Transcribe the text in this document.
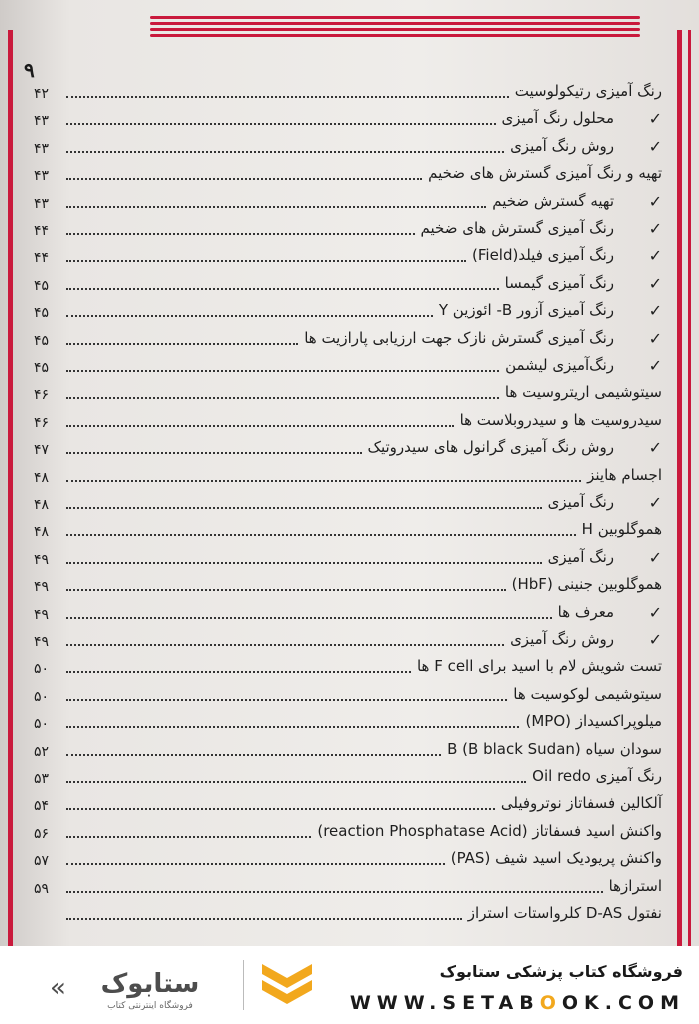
۹
۴۲	رنگ آمیزی رتیکولوسیت
۴۳	محلول رنگ آمیزی ✓
۴۳	روش رنگ آمیزی ✓
۴۳	تهیه و رنگ آمیزی گسترش های ضخیم
۴۳	تهیه گسترش ضخیم ✓
۴۴	رنگ آمیزی گسترش های ضخیم ✓
۴۴	رنگ آمیزی فیلد(Field) ✓
۴۵	رنگ آمیزی گیمسا ✓
۴۵	رنگ آمیزی آزور B- ائوزین Y ✓
۴۵	رنگ آمیزی گسترش نازک جهت ارزیابی پارازیت ها ✓
۴۵	رنگ‌آمیزی لیشمن ✓
۴۶	سیتوشیمی اریتروسیت ها
۴۶	سیدروسیت ها و سیدروبلاست ها
۴۷	روش رنگ آمیزی گرانول های سیدروتیک ✓
۴۸	اجسام هاینز
۴۸	رنگ آمیزی ✓
۴۸	هموگلوبین H
۴۹	رنگ آمیزی ✓
۴۹	هموگلوبین جنینی (HbF)
۴۹	معرف ها ✓
۴۹	روش رنگ آمیزی ✓
۵۰	تست شویش لام با اسید برای F cell ها
۵۰	سیتوشیمی لوکوسیت ها
۵۰	میلوپراکسیداز (MPO)
۵۲	سودان سیاه B (B black Sudan)
۵۳	رنگ آمیزی Oil redo
۵۴	آلکالین فسفاتاز نوتروفیلی
۵۶	واکنش اسید فسفاتاز (reaction Phosphatase Acid)
۵۷	واکنش پریودیک اسید شیف (PAS)
۵۹	استرازها
نفتول D-AS کلرواستات استراز
ستابوک
فروشگاه اینترنتی کتاب
«
فروشگاه کتاب پزشکی ستابوک
WWW.SETABOOK.COM
